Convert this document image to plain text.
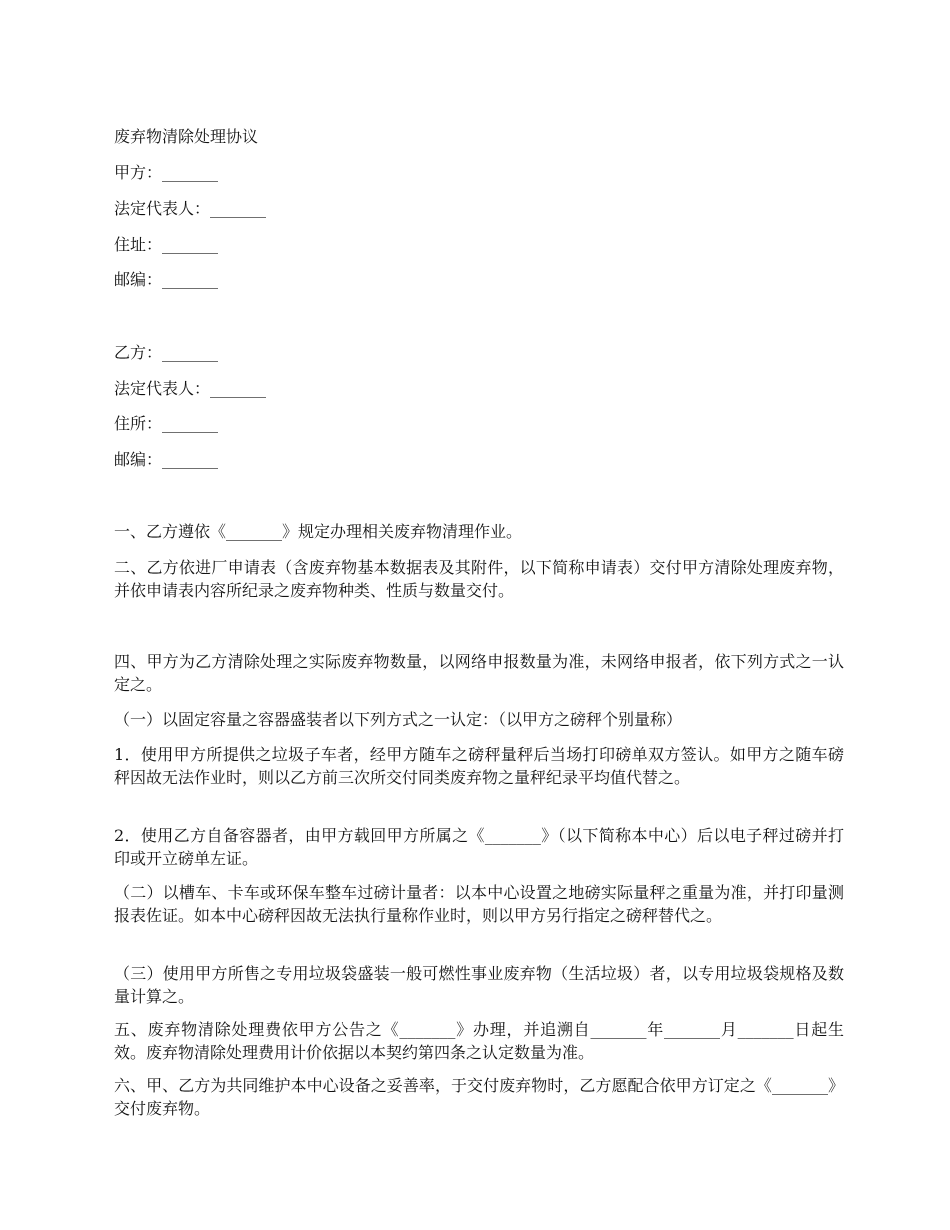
废弃物清除处理协议
甲方：_______
法定代表人：_______
住址：_______
邮编：_______
乙方：_______
法定代表人：_______
住所：_______
邮编：_______
一、乙方遵依《_______》规定办理相关废弃物清理作业。
二、乙方依进厂申请表（含废弃物基本数据表及其附件，以下简称申请表）交付甲方清除处理废弃物，并依申请表内容所纪录之废弃物种类、性质与数量交付。
四、甲方为乙方清除处理之实际废弃物数量，以网络申报数量为准，未网络申报者，依下列方式之一认定之。
（一）以固定容量之容器盛装者以下列方式之一认定：（以甲方之磅秤个别量称）
1．使用甲方所提供之垃圾子车者，经甲方随车之磅秤量秤后当场打印磅单双方签认。如甲方之随车磅秤因故无法作业时，则以乙方前三次所交付同类废弃物之量秤纪录平均值代替之。
2．使用乙方自备容器者，由甲方载回甲方所属之《_______》（以下简称本中心）后以电子秤过磅并打印或开立磅单左证。
（二）以槽车、卡车或环保车整车过磅计量者：以本中心设置之地磅实际量秤之重量为准，并打印量测报表佐证。如本中心磅秤因故无法执行量称作业时，则以甲方另行指定之磅秤替代之。
（三）使用甲方所售之专用垃圾袋盛装一般可燃性事业废弃物（生活垃圾）者，以专用垃圾袋规格及数量计算之。
五、废弃物清除处理费依甲方公告之《_______》办理，并追溯自_______年_______月_______日起生效。废弃物清除处理费用计价依据以本契约第四条之认定数量为准。
六、甲、乙方为共同维护本中心设备之妥善率，于交付废弃物时，乙方愿配合依甲方订定之《_______》交付废弃物。
